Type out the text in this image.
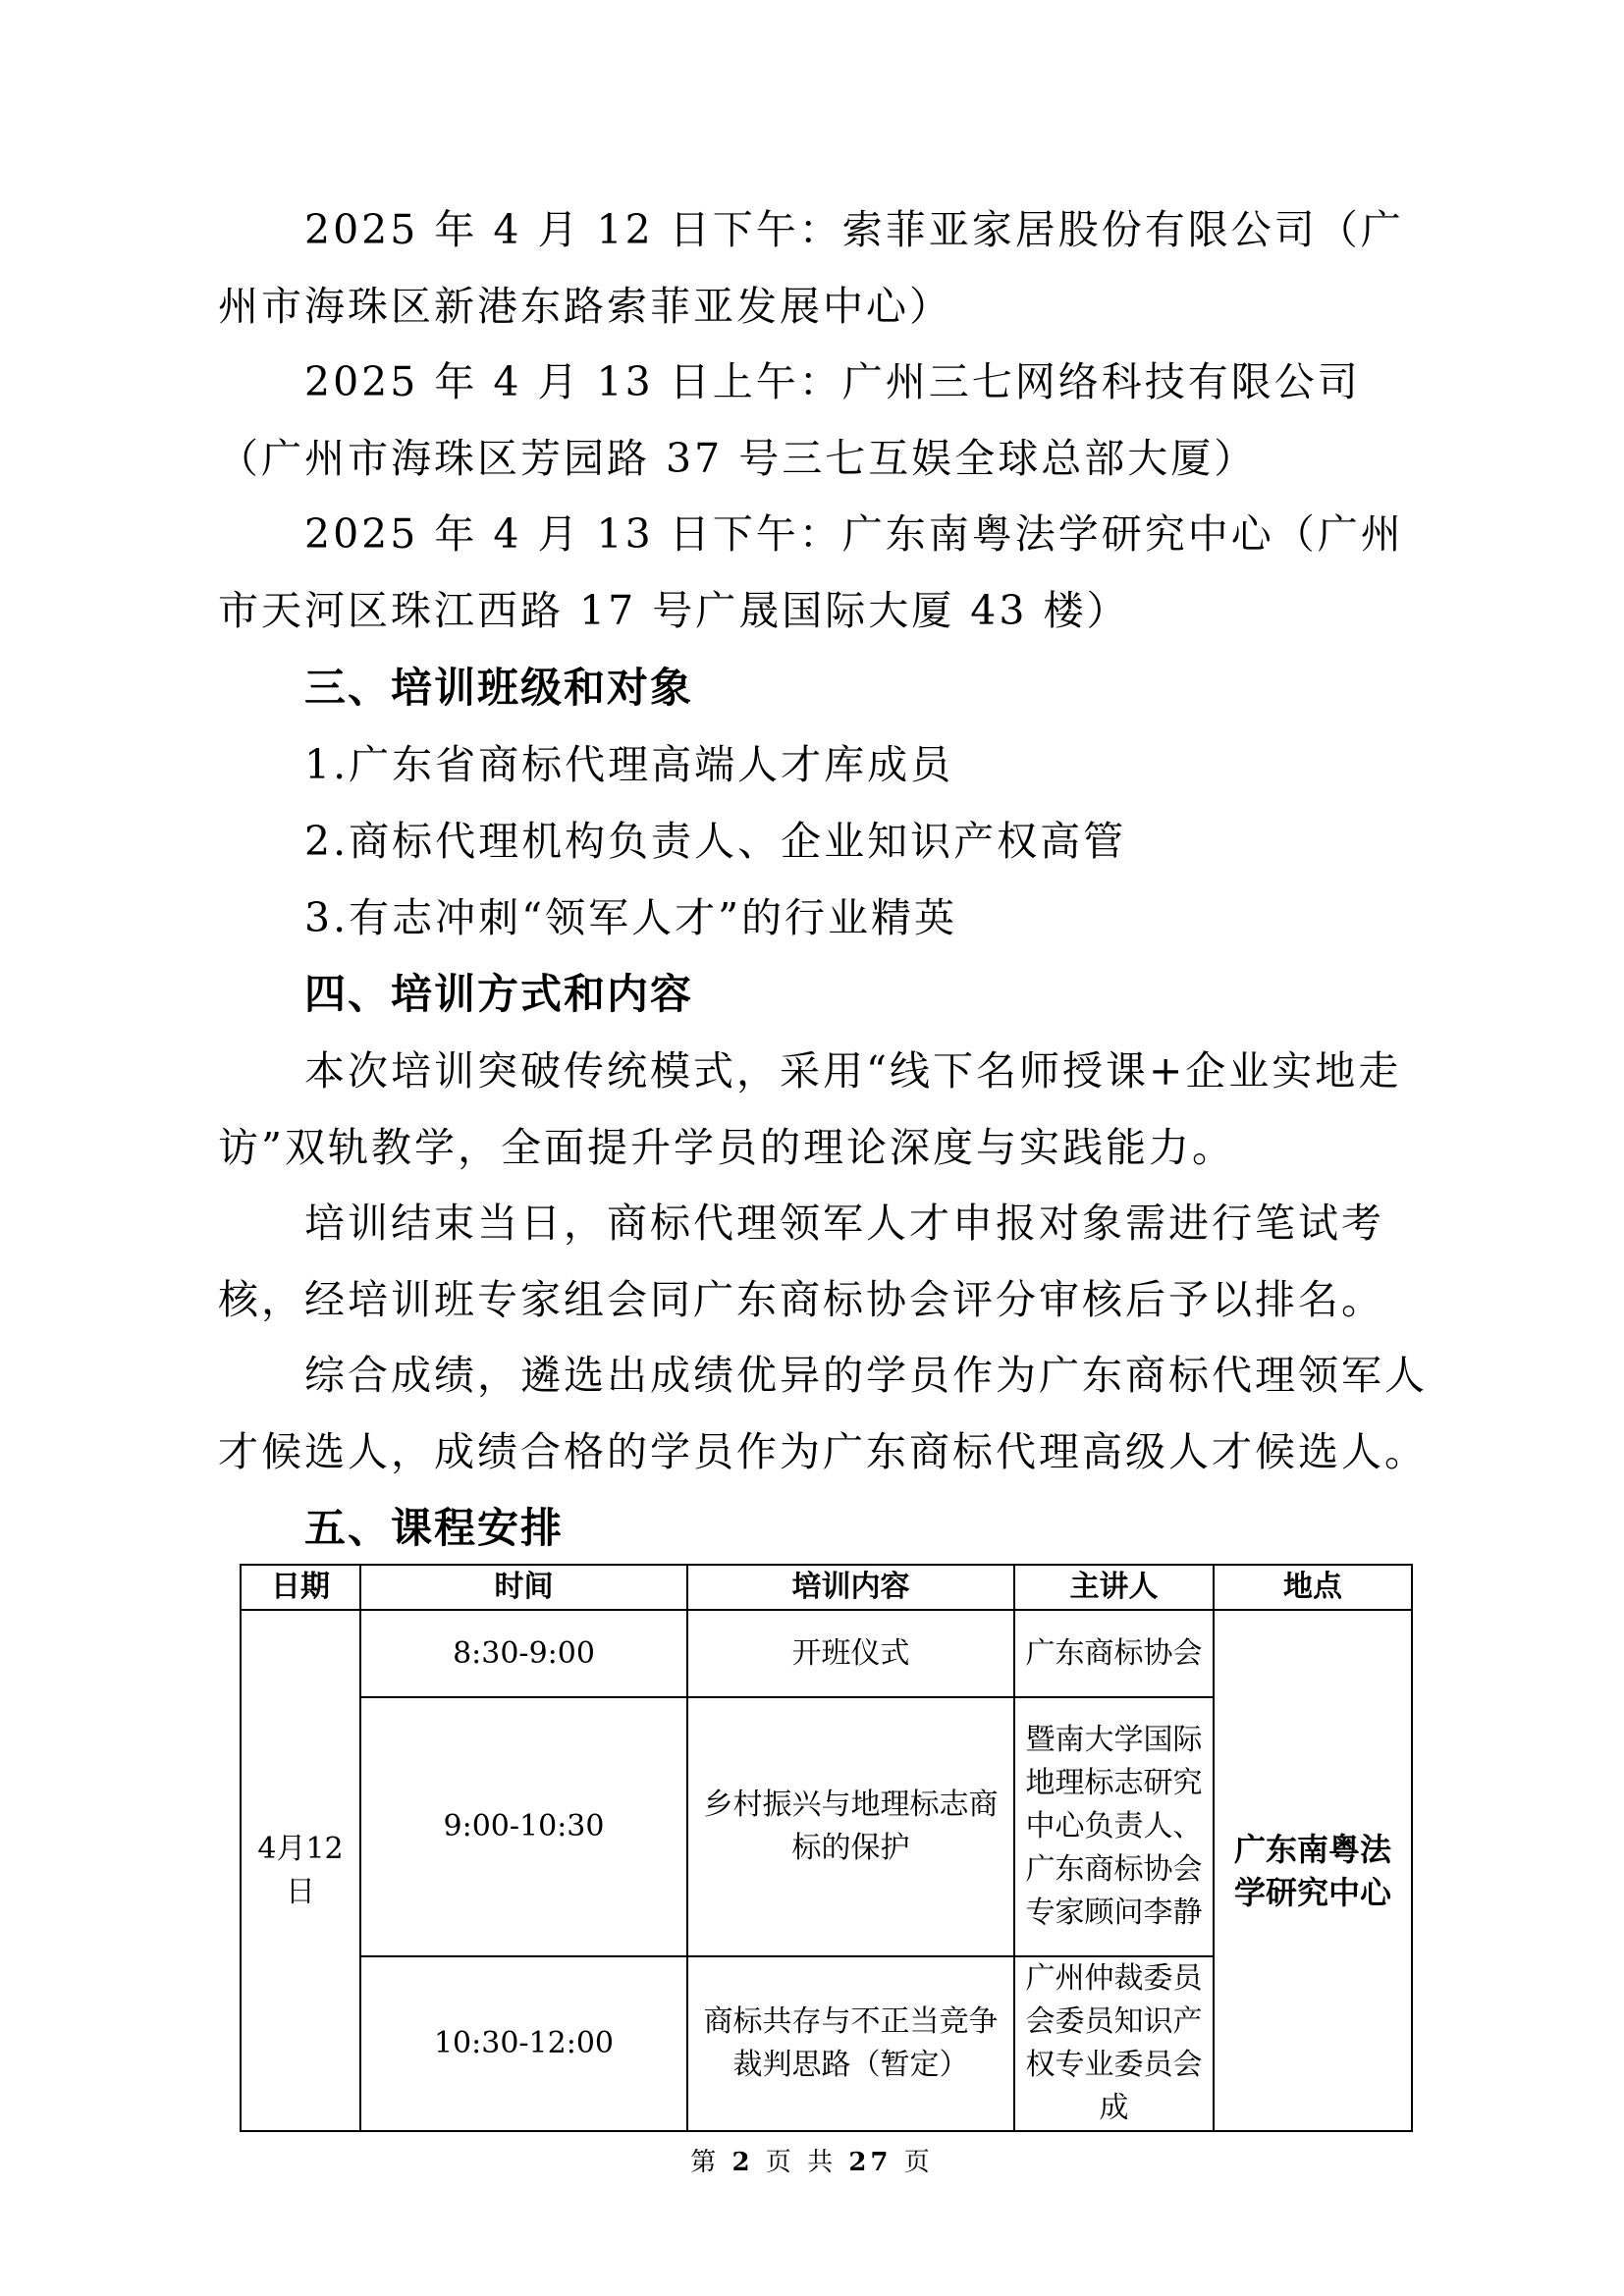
2025 年 4 月 12 日下午：索菲亚家居股份有限公司（广州市海珠区新港东路索菲亚发展中心）

2025 年 4 月 13 日上午：广州三七网络科技有限公司（广州市海珠区芳园路 37 号三七互娱全球总部大厦）

2025 年 4 月 13 日下午：广东南粤法学研究中心（广州市天河区珠江西路 17 号广晟国际大厦 43 楼）

三、培训班级和对象

1.广东省商标代理高端人才库成员

2.商标代理机构负责人、企业知识产权高管

3.有志冲刺“领军人才”的行业精英

四、培训方式和内容

本次培训突破传统模式，采用“线下名师授课+企业实地走访”双轨教学，全面提升学员的理论深度与实践能力。

培训结束当日，商标代理领军人才申报对象需进行笔试考核，经培训班专家组会同广东商标协会评分审核后予以排名。

综合成绩，遴选出成绩优异的学员作为广东商标代理领军人才候选人，成绩合格的学员作为广东商标代理高级人才候选人。

五、课程安排
日期	时间	培训内容	主讲人	地点
4月12日	8:30-9:00	开班仪式	广东商标协会	广东南粤法学研究中心
	9:00-10:30	乡村振兴与地理标志商标的保护	暨南大学国际地理标志研究中心负责人、广东商标协会专家顾问李静	
	10:30-12:00	商标共存与不正当竞争裁判思路（暂定）	广州仲裁委员会委员知识产权专业委员会成	
第 2 页 共 27 页
